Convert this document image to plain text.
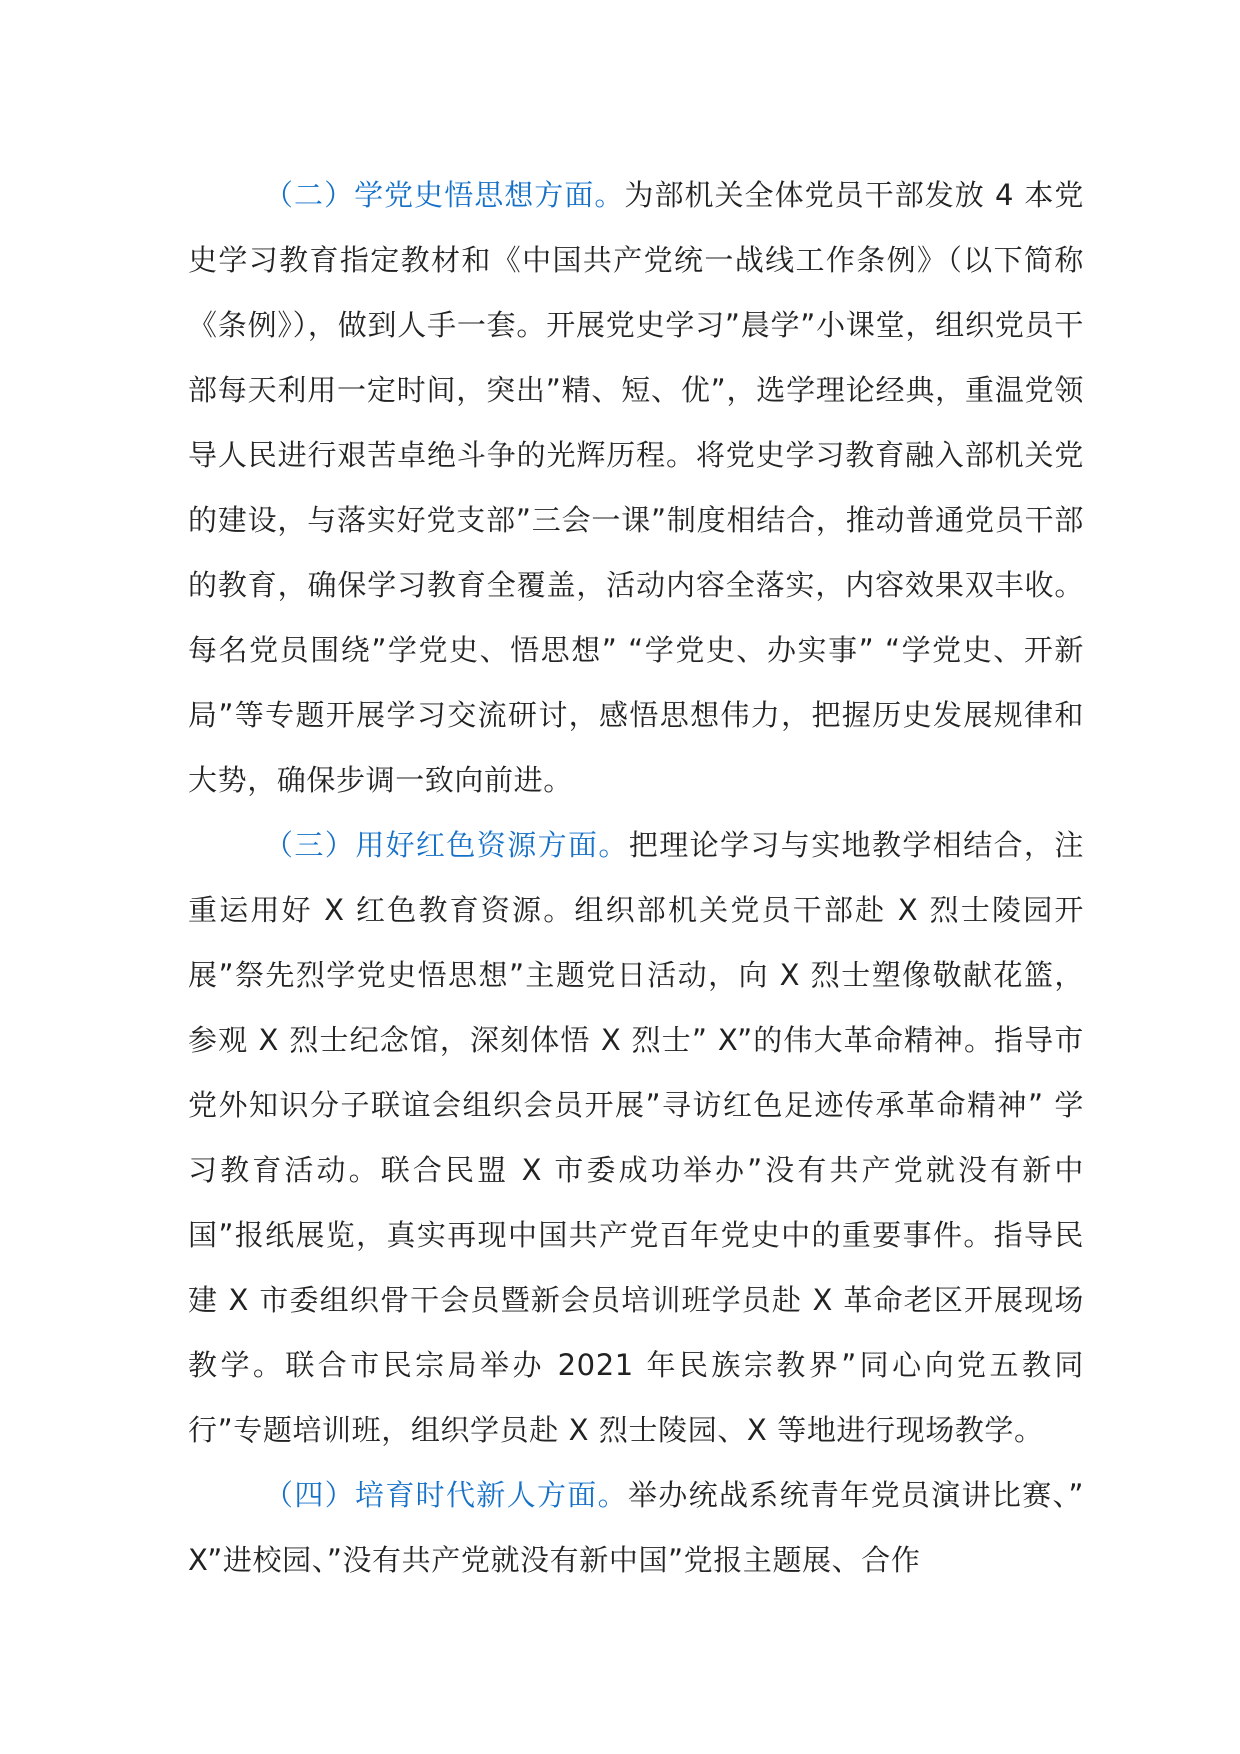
（二）学党史悟思想方面。为部机关全体党员干部发放 4 本党史学习教育指定教材和《中国共产党统一战线工作条例》（以下简称《条例》），做到人手一套。开展党史学习”晨学”小课堂，组织党员干部每天利用一定时间，突出”精、短、优”，选学理论经典，重温党领导人民进行艰苦卓绝斗争的光辉历程。将党史学习教育融入部机关党的建设，与落实好党支部”三会一课”制度相结合，推动普通党员干部的教育，确保学习教育全覆盖，活动内容全落实，内容效果双丰收。每名党员围绕”学党史、悟思想” “学党史、办实事” “学党史、开新局”等专题开展学习交流研讨，感悟思想伟力，把握历史发展规律和大势，确保步调一致向前进。

（三）用好红色资源方面。把理论学习与实地教学相结合，注重运用好 X 红色教育资源。组织部机关党员干部赴 X 烈士陵园开展”祭先烈学党史悟思想”主题党日活动，向 X 烈士塑像敬献花篮，参观 X 烈士纪念馆，深刻体悟 X 烈士” X”的伟大革命精神。指导市党外知识分子联谊会组织会员开展”寻访红色足迹传承革命精神” 学习教育活动。联合民盟 X 市委成功举办”没有共产党就没有新中国”报纸展览，真实再现中国共产党百年党史中的重要事件。指导民建 X 市委组织骨干会员暨新会员培训班学员赴 X 革命老区开展现场教学。联合市民宗局举办 2021 年民族宗教界”同心向党五教同行”专题培训班，组织学员赴 X 烈士陵园、X 等地进行现场教学。

（四）培育时代新人方面。举办统战系统青年党员演讲比赛、” X”进校园、”没有共产党就没有新中国”党报主题展、合作
